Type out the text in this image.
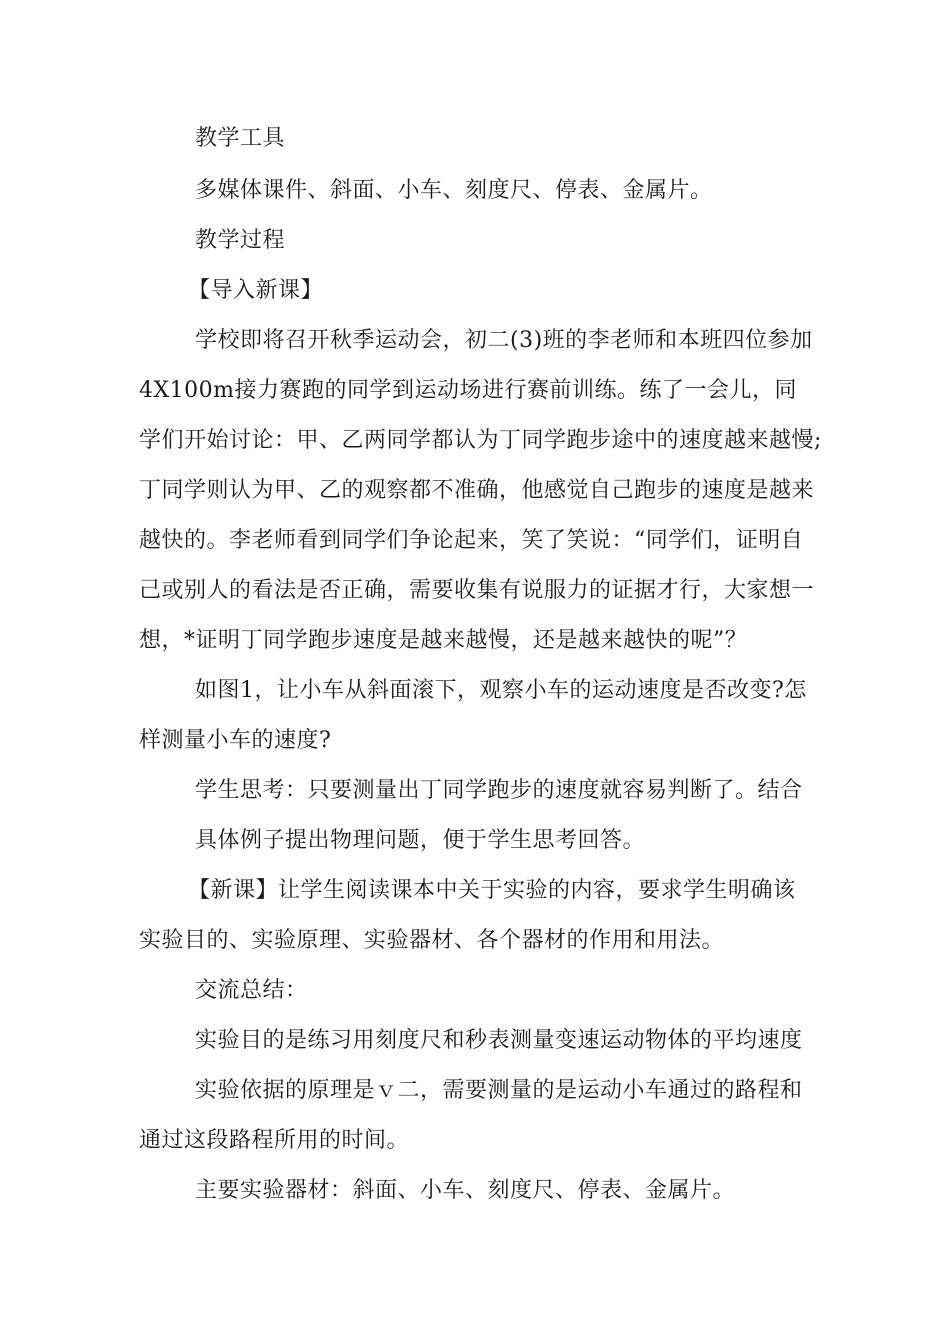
教学工具
多媒体课件、斜面、小车、刻度尺、停表、金属片。
教学过程
【导入新课】
学校即将召开秋季运动会，初二(3)班的李老师和本班四位参加
4X100m接力赛跑的同学到运动场进行赛前训练。练了一会儿，同
学们开始讨论：甲、乙两同学都认为丁同学跑步途中的速度越来越慢;
丁同学则认为甲、乙的观察都不准确，他感觉自己跑步的速度是越来
越快的。李老师看到同学们争论起来，笑了笑说：“同学们，证明自
己或别人的看法是否正确，需要收集有说服力的证据才行，大家想一
想，*证明丁同学跑步速度是越来越慢，还是越来越快的呢”？
如图1，让小车从斜面滚下，观察小车的运动速度是否改变?怎
样测量小车的速度?
学生思考：只要测量出丁同学跑步的速度就容易判断了。结合
具体例子提出物理问题，便于学生思考回答。
【新课】让学生阅读课本中关于实验的内容，要求学生明确该
实验目的、实验原理、实验器材、各个器材的作用和用法。
交流总结：
实验目的是练习用刻度尺和秒表测量变速运动物体的平均速度
实验依据的原理是ｖ二，需要测量的是运动小车通过的路程和
通过这段路程所用的时间。
主要实验器材：斜面、小车、刻度尺、停表、金属片。
